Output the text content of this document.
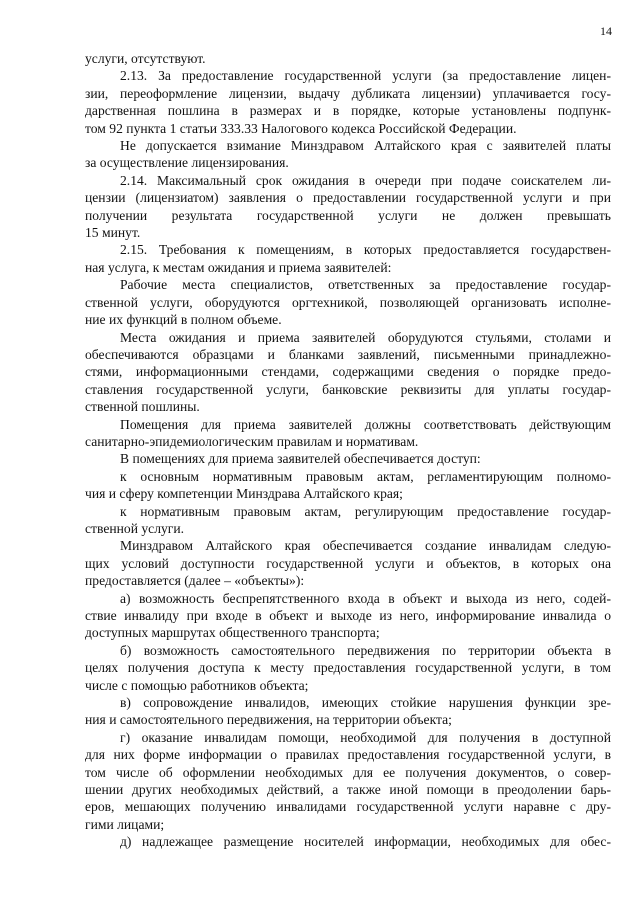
14
услуги, отсутствуют.
2.13. За предоставление государственной услуги (за предоставление лицен-
зии, переоформление лицензии, выдачу дубликата лицензии) уплачивается госу-
дарственная пошлина в размерах и в порядке, которые установлены подпунк-
том 92 пункта 1 статьи 333.33 Налогового кодекса Российской Федерации.
Не допускается взимание Минздравом Алтайского края с заявителей платы
за осуществление лицензирования.
2.14. Максимальный срок ожидания в очереди при подаче соискателем ли-
цензии (лицензиатом) заявления о предоставлении государственной услуги и при
получении результата государственной услуги не должен превышать
15 минут.
2.15. Требования к помещениям, в которых предоставляется государствен-
ная услуга, к местам ожидания и приема заявителей:
Рабочие места специалистов, ответственных за предоставление государ-
ственной услуги, оборудуются оргтехникой, позволяющей организовать исполне-
ние их функций в полном объеме.
Места ожидания и приема заявителей оборудуются стульями, столами и
обеспечиваются образцами и бланками заявлений, письменными принадлежно-
стями, информационными стендами, содержащими сведения о порядке предо-
ставления государственной услуги, банковские реквизиты для уплаты государ-
ственной пошлины.
Помещения для приема заявителей должны соответствовать действующим
санитарно-эпидемиологическим правилам и нормативам.
В помещениях для приема заявителей обеспечивается доступ:
к основным нормативным правовым актам, регламентирующим полномо-
чия и сферу компетенции Минздрава Алтайского края;
к нормативным правовым актам, регулирующим предоставление государ-
ственной услуги.
Минздравом Алтайского края обеспечивается создание инвалидам следую-
щих условий доступности государственной услуги и объектов, в которых она
предоставляется (далее – «объекты»):
а) возможность беспрепятственного входа в объект и выхода из него, содей-
ствие инвалиду при входе в объект и выходе из него, информирование инвалида о
доступных маршрутах общественного транспорта;
б) возможность самостоятельного передвижения по территории объекта в
целях получения доступа к месту предоставления государственной услуги, в том
числе с помощью работников объекта;
в) сопровождение инвалидов, имеющих стойкие нарушения функции зре-
ния и самостоятельного передвижения, на территории объекта;
г) оказание инвалидам помощи, необходимой для получения в доступной
для них форме информации о правилах предоставления государственной услуги, в
том числе об оформлении необходимых для ее получения документов, о совер-
шении других необходимых действий, а также иной помощи в преодолении барь-
еров, мешающих получению инвалидами государственной услуги наравне с дру-
гими лицами;
д) надлежащее размещение носителей информации, необходимых для обес-
